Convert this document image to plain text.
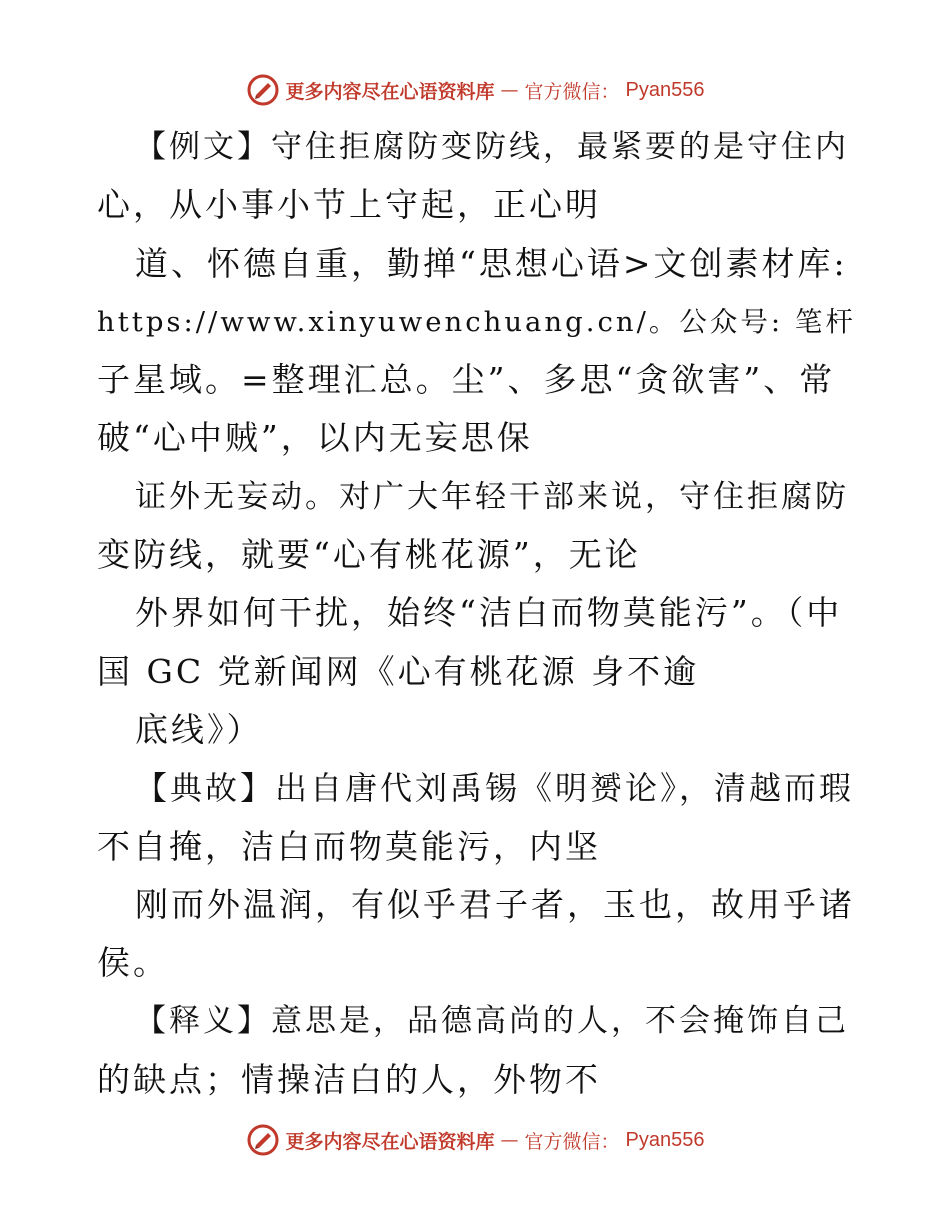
更多内容尽在心语资料库 — 官方微信： Pyan556
【例文】守住拒腐防变防线，最紧要的是守住内
心，从小事小节上守起，正心明
道、怀德自重，勤掸“思想心语>文创素材库:
https://www.xinyuwenchuang.cn/。公众号: 笔杆
子星域。=整理汇总。尘”、多思“贪欲害”、常
破“心中贼”，以内无妄思保
证外无妄动。对广大年轻干部来说，守住拒腐防
变防线，就要“心有桃花源”，无论
外界如何干扰，始终“洁白而物莫能污”。（中
国 GC 党新闻网《心有桃花源 身不逾
底线》）
【典故】出自唐代刘禹锡《明赟论》，清越而瑕
不自掩，洁白而物莫能污，内坚
刚而外温润，有似乎君子者，玉也，故用乎诸
侯。
【释义】意思是，品德高尚的人，不会掩饰自己
的缺点；情操洁白的人，外物不
更多内容尽在心语资料库 — 官方微信： Pyan556
